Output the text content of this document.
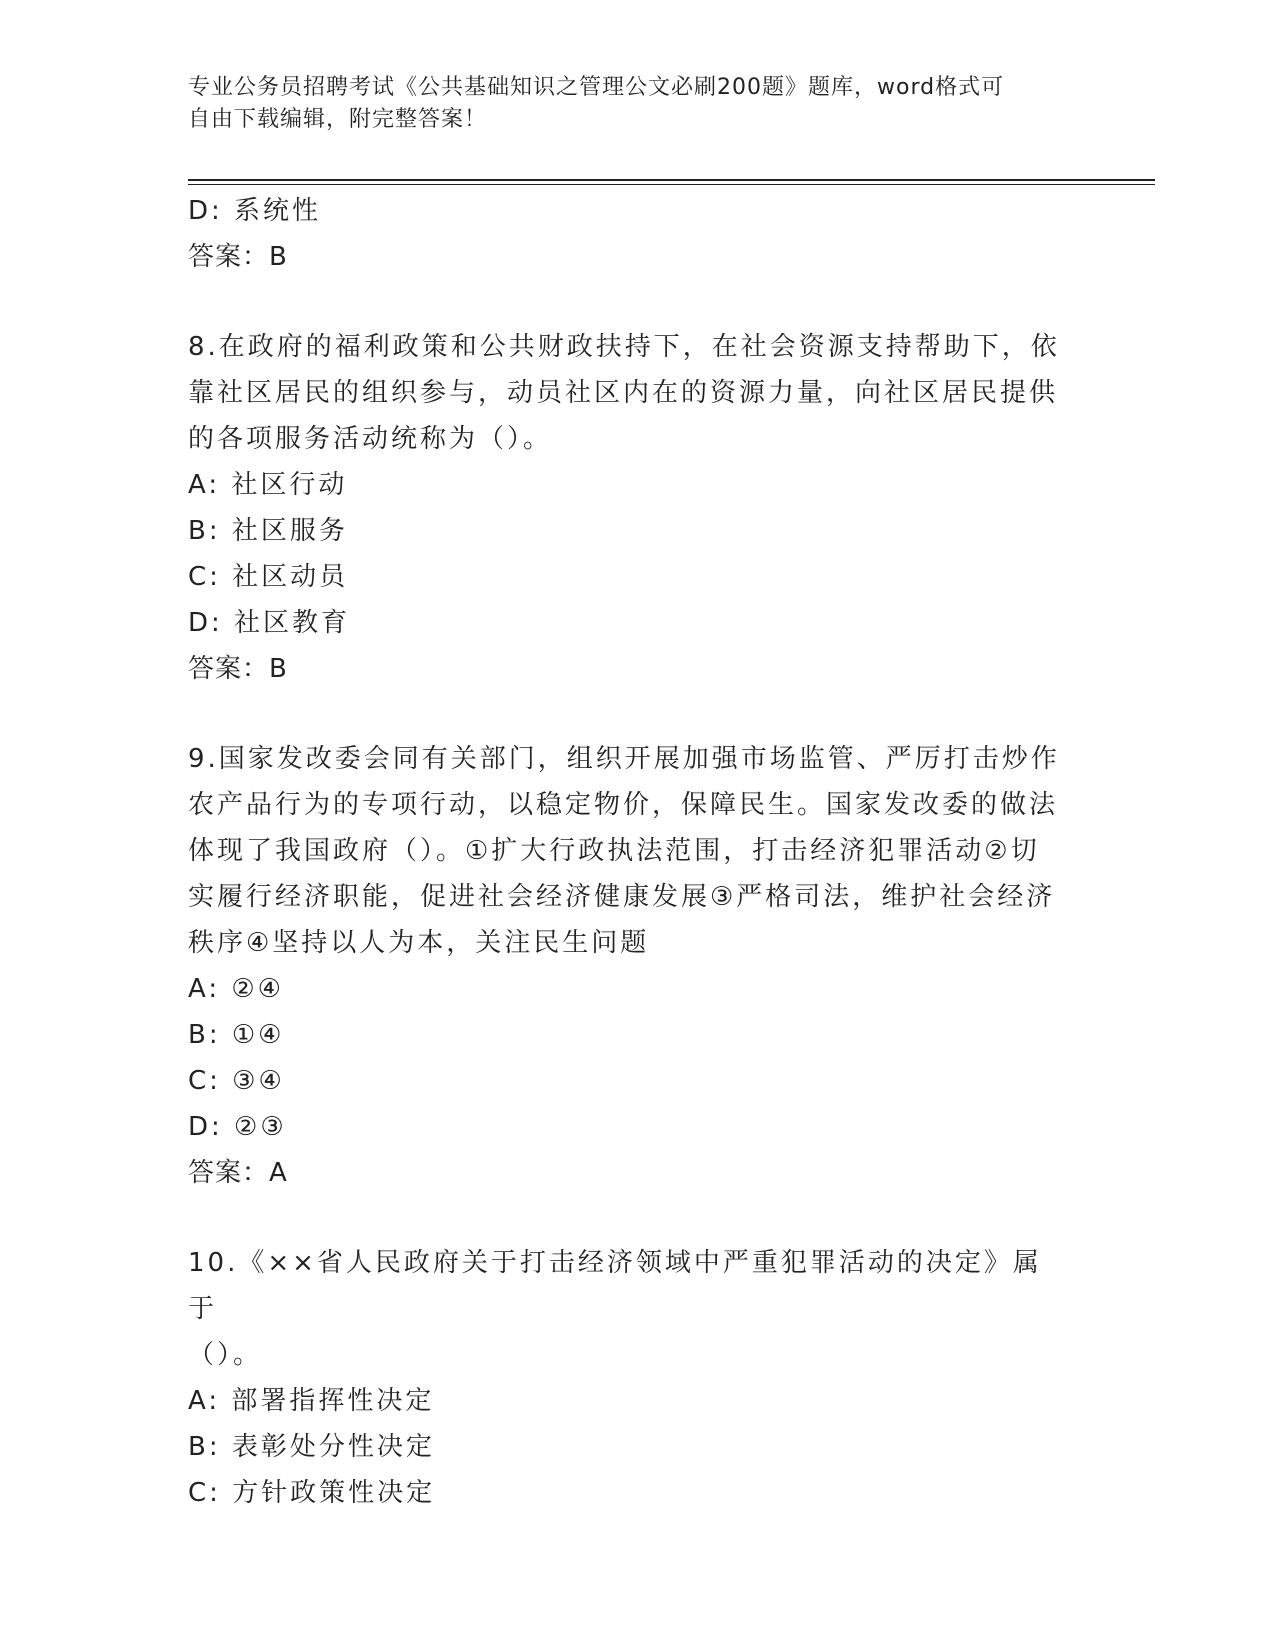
专业公务员招聘考试《公共基础知识之管理公文必刷200题》题库，word格式可
自由下载编辑，附完整答案！
D: 系统性
答案：B
8.在政府的福利政策和公共财政扶持下，在社会资源支持帮助下，依
靠社区居民的组织参与，动员社区内在的资源力量，向社区居民提供
的各项服务活动统称为（）。
A: 社区行动
B: 社区服务
C: 社区动员
D: 社区教育
答案：B
9.国家发改委会同有关部门，组织开展加强市场监管、严厉打击炒作
农产品行为的专项行动，以稳定物价，保障民生。国家发改委的做法
体现了我国政府（）。①扩大行政执法范围，打击经济犯罪活动②切
实履行经济职能，促进社会经济健康发展③严格司法，维护社会经济
秩序④坚持以人为本，关注民生问题
A: ②④
B: ①④
C: ③④
D: ②③
答案：A
10.《××省人民政府关于打击经济领域中严重犯罪活动的决定》属于
（）。
A: 部署指挥性决定
B: 表彰处分性决定
C: 方针政策性决定
